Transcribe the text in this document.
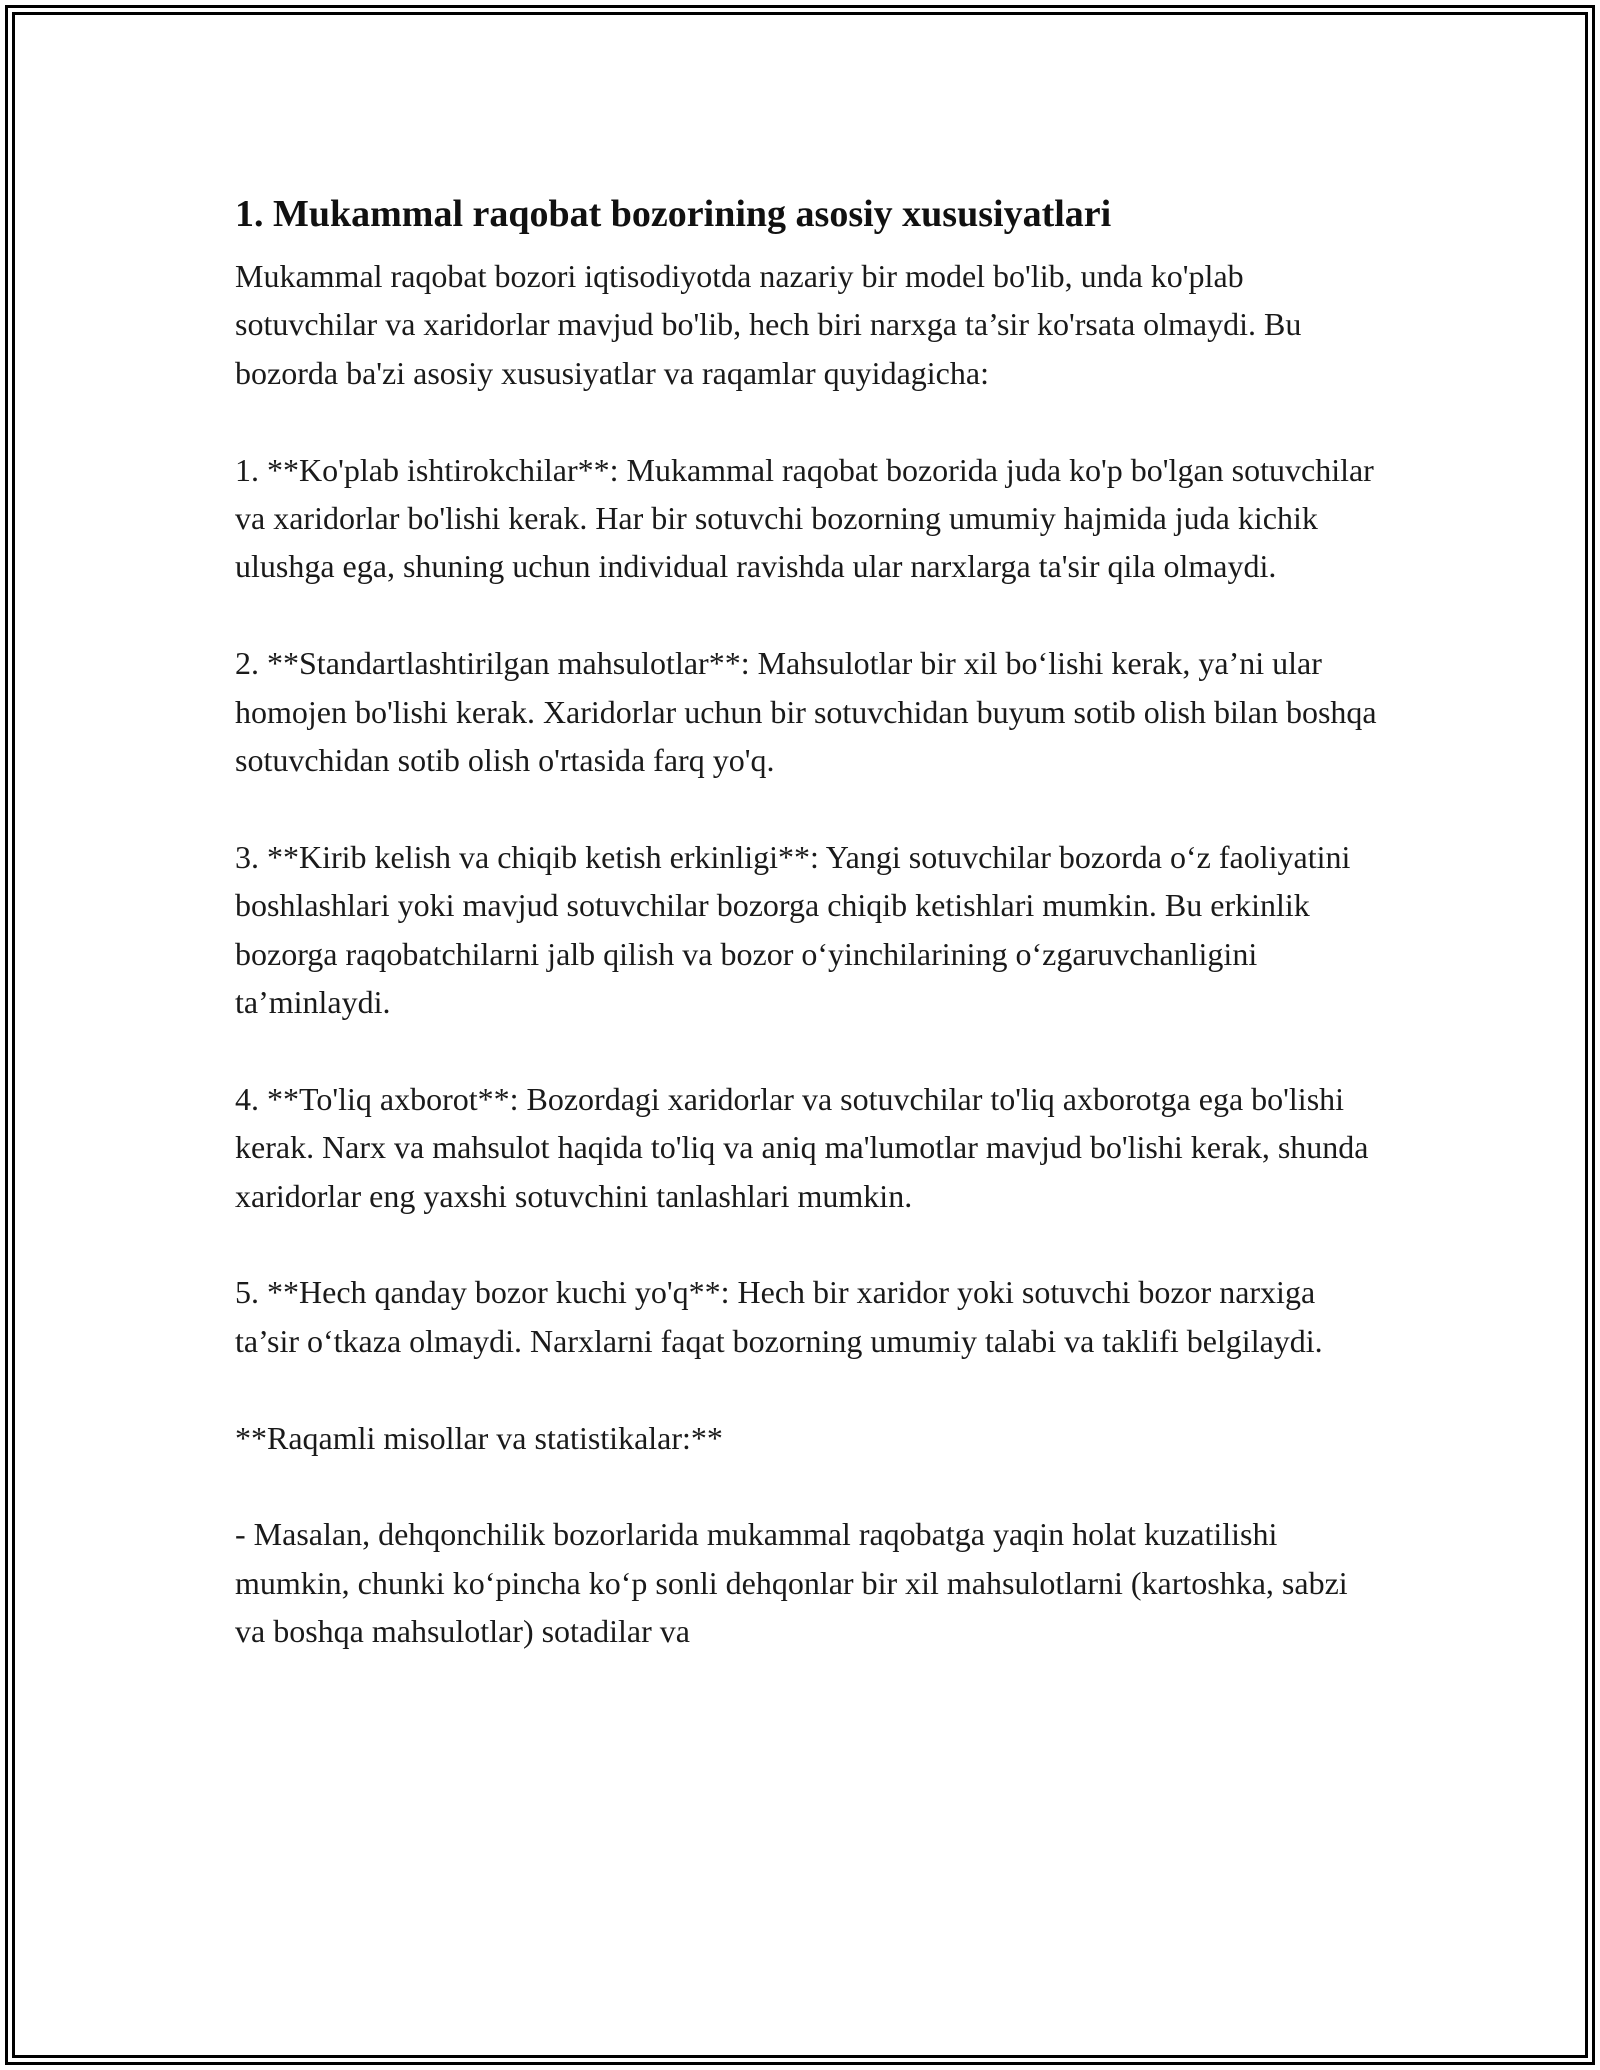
1. Mukammal raqobat bozorining asosiy xususiyatlari

Mukammal raqobat bozori iqtisodiyotda nazariy bir model bo'lib, unda ko'plab sotuvchilar va xaridorlar mavjud bo'lib, hech biri narxga ta’sir ko'rsata olmaydi. Bu bozorda ba'zi asosiy xususiyatlar va raqamlar quyidagicha:

1. **Ko'plab ishtirokchilar**: Mukammal raqobat bozorida juda ko'p bo'lgan sotuvchilar va xaridorlar bo'lishi kerak. Har bir sotuvchi bozorning umumiy hajmida juda kichik ulushga ega, shuning uchun individual ravishda ular narxlarga ta'sir qila olmaydi.

2. **Standartlashtirilgan mahsulotlar**: Mahsulotlar bir xil bo‘lishi kerak, ya’ni ular homojen bo'lishi kerak. Xaridorlar uchun bir sotuvchidan buyum sotib olish bilan boshqa sotuvchidan sotib olish o'rtasida farq yo'q.

3. **Kirib kelish va chiqib ketish erkinligi**: Yangi sotuvchilar bozorda o‘z faoliyatini boshlashlari yoki mavjud sotuvchilar bozorga chiqib ketishlari mumkin. Bu erkinlik bozorga raqobatchilarni jalb qilish va bozor o‘yinchilarining o‘zgaruvchanligini ta’minlaydi.

4. **To'liq axborot**: Bozordagi xaridorlar va sotuvchilar to'liq axborotga ega bo'lishi kerak. Narx va mahsulot haqida to'liq va aniq ma'lumotlar mavjud bo'lishi kerak, shunda xaridorlar eng yaxshi sotuvchini tanlashlari mumkin.

5. **Hech qanday bozor kuchi yo'q**: Hech bir xaridor yoki sotuvchi bozor narxiga ta’sir o‘tkaza olmaydi. Narxlarni faqat bozorning umumiy talabi va taklifi belgilaydi.

**Raqamli misollar va statistikalar:**

- Masalan, dehqonchilik bozorlarida mukammal raqobatga yaqin holat kuzatilishi mumkin, chunki ko‘pincha ko‘p sonli dehqonlar bir xil mahsulotlarni (kartoshka, sabzi va boshqa mahsulotlar) sotadilar va
